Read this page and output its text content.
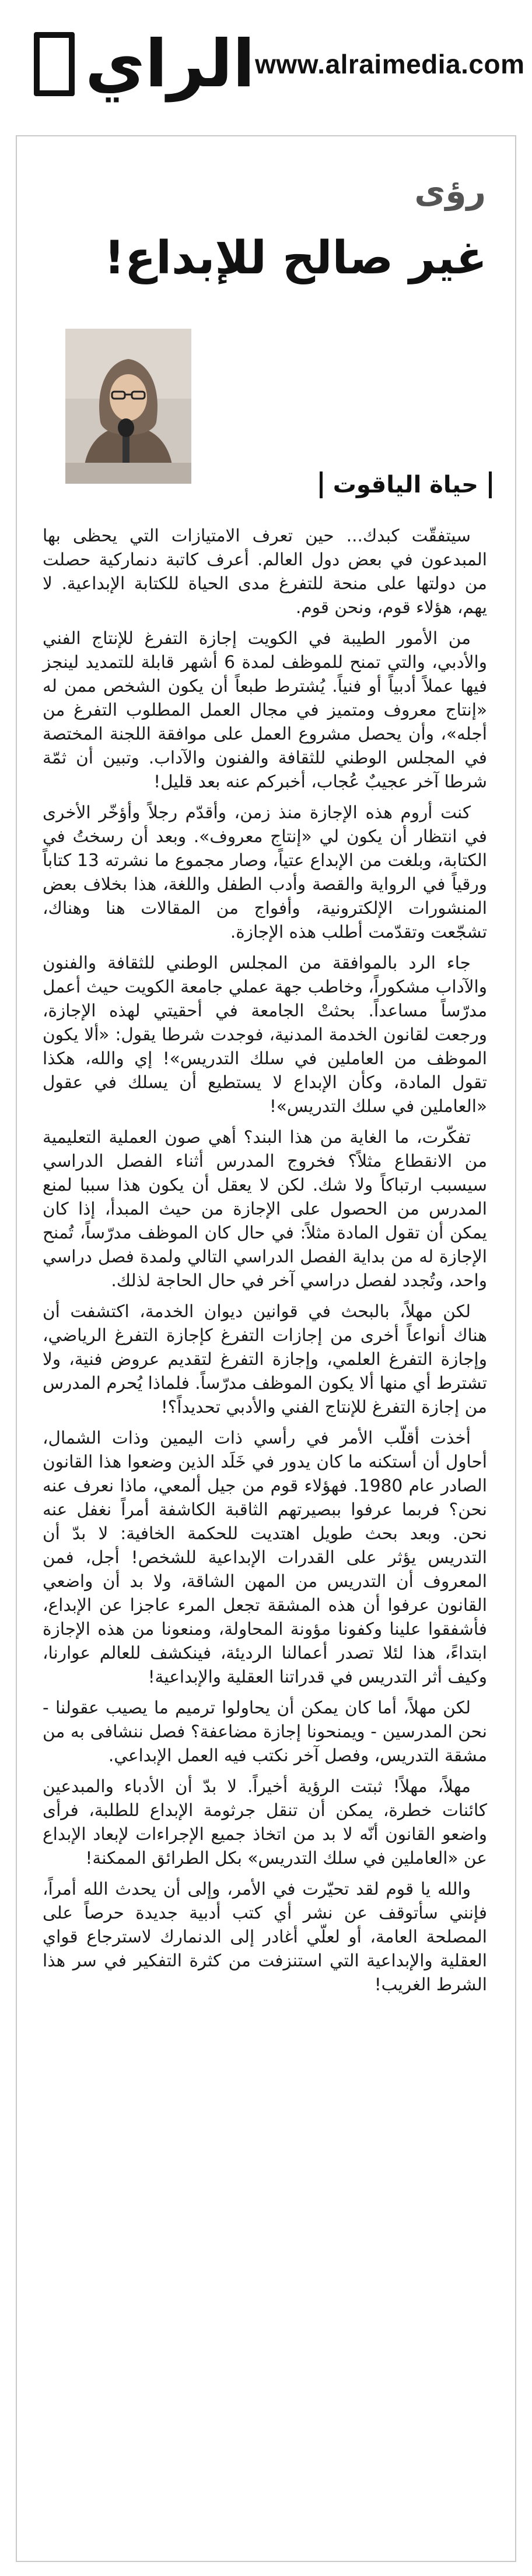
الراي www.alraimedia.com
رؤى
غير صالح للإبداع!
حياة الياقوت

سيتفقّت كبدك... حين تعرف الامتيازات التي يحظى بها المبدعون في بعض دول العالم. أعرف كاتبة دنماركية حصلت من دولتها على منحة للتفرغ مدى الحياة للكتابة الإبداعية. لا يهم، هؤلاء قوم، ونحن قوم.

من الأمور الطيبة في الكويت إجازة التفرغ للإنتاج الفني والأدبي، والتي تمنح للموظف لمدة 6 أشهر قابلة للتمديد لينجز فيها عملاً أدبياً أو فنياً. يُشترط طبعاً أن يكون الشخص ممن له «إنتاج معروف ومتميز في مجال العمل المطلوب التفرغ من أجله»، وأن يحصل مشروع العمل على موافقة اللجنة المختصة في المجلس الوطني للثقافة والفنون والآداب. وتبين أن ثمّة شرطا آخر عجيبٌ عُجاب، أخبركم عنه بعد قليل!

كنت أروم هذه الإجازة منذ زمن، وأقدّم رجلاً وأؤخّر الأخرى في انتظار أن يكون لي «إنتاج معروف». وبعد أن رسختُ في الكتابة، وبلغت من الإبداع عتياً، وصار مجموع ما نشرته 13 كتاباً ورقياً في الرواية والقصة وأدب الطفل واللغة، هذا بخلاف بعض المنشورات الإلكترونية، وأفواج من المقالات هنا وهناك، تشجّعت وتقدّمت أطلب هذه الإجازة.

جاء الرد بالموافقة من المجلس الوطني للثقافة والفنون والآداب مشكوراً، وخاطب جهة عملي جامعة الكويت حيث أعمل مدرّساً مساعداً. بحثتْ الجامعة في أحقيتي لهذه الإجازة، ورجعت لقانون الخدمة المدنية، فوجدت شرطا يقول: «ألا يكون الموظف من العاملين في سلك التدريس»! إي والله، هكذا تقول المادة، وكأن الإبداع لا يستطيع أن يسلك في عقول «العاملين في سلك التدريس»!

تفكّرت، ما الغاية من هذا البند؟ أهي صون العملية التعليمية من الانقطاع مثلاً؟ فخروج المدرس أثناء الفصل الدراسي سيسبب ارتباكاً ولا شك. لكن لا يعقل أن يكون هذا سببا لمنع المدرس من الحصول على الإجازة من حيث المبدأ، إذا كان يمكن أن تقول المادة مثلاً: في حال كان الموظف مدرّساً، تُمنح الإجازة له من بداية الفصل الدراسي التالي ولمدة فصل دراسي واحد، وتُجدد لفصل دراسي آخر في حال الحاجة لذلك.

لكن مهلاً، بالبحث في قوانين ديوان الخدمة، اكتشفت أن هناك أنواعاً أخرى من إجازات التفرغ كإجازة التفرغ الرياضي، وإجازة التفرغ العلمي، وإجازة التفرغ لتقديم عروض فنية، ولا تشترط أي منها ألا يكون الموظف مدرّساً. فلماذا يُحرم المدرس من إجازة التفرغ للإنتاج الفني والأدبي تحديداً؟!

أخذت أقلّب الأمر في رأسي ذات اليمين وذات الشمال، أحاول أن أستكنه ما كان يدور في خَلَد الذين وضعوا هذا القانون الصادر عام 1980. فهؤلاء قوم من جيل ألمعي، ماذا نعرف عنه نحن؟ فربما عرفوا ببصيرتهم الثاقبة الكاشفة أمراً نغفل عنه نحن. وبعد بحث طويل اهتديت للحكمة الخافية: لا بدّ أن التدريس يؤثر على القدرات الإبداعية للشخص! أجل، فمن المعروف أن التدريس من المهن الشاقة، ولا بد أن واضعي القانون عرفوا أن هذه المشقة تجعل المرء عاجزا عن الإبداع، فأشفقوا علينا وكفونا مؤونة المحاولة، ومنعونا من هذه الإجازة ابتداءً، هذا لئلا تصدر أعمالنا الرديئة، فينكشف للعالم عوارنا، وكيف أثر التدريس في قدراتنا العقلية والإبداعية!

لكن مهلاً، أما كان يمكن أن يحاولوا ترميم ما يصيب عقولنا - نحن المدرسين - ويمنحونا إجازة مضاعفة؟ فصل ننشافى به من مشقة التدريس، وفصل آخر نكتب فيه العمل الإبداعي.

مهلاً، مهلاً! ثبتت الرؤية أخيراً. لا بدّ أن الأدباء والمبدعين كائنات خطرة، يمكن أن تنقل جرثومة الإبداع للطلبة، فرأى واضعو القانون أنّه لا بد من اتخاذ جميع الإجراءات لإبعاد الإبداع عن «العاملين في سلك التدريس» بكل الطرائق الممكنة!

والله يا قوم لقد تحيّرت في الأمر، وإلى أن يحدث الله أمراً، فإنني سأتوقف عن نشر أي كتب أدبية جديدة حرصاً على المصلحة العامة، أو لعلّي أغادر إلى الدنمارك لاسترجاع قواي العقلية والإبداعية التي استنزفت من كثرة التفكير في سر هذا الشرط الغريب!
